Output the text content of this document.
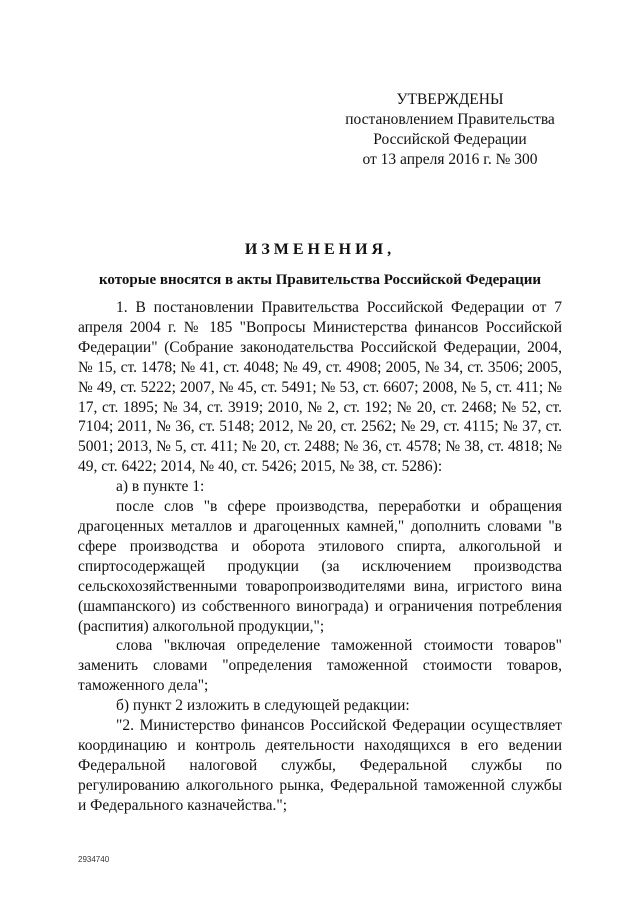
УТВЕРЖДЕНЫ
постановлением Правительства
Российской Федерации
от 13 апреля 2016 г. № 300
ИЗМЕНЕНИЯ,
которые вносятся в акты Правительства Российской Федерации

1. В постановлении Правительства Российской Федерации от 7 апреля 2004 г. № 185 "Вопросы Министерства финансов Российской Федерации" (Собрание законодательства Российской Федерации, 2004, № 15, ст. 1478; № 41, ст. 4048; № 49, ст. 4908; 2005, № 34, ст. 3506; 2005, № 49, ст. 5222; 2007, № 45, ст. 5491; № 53, ст. 6607; 2008, № 5, ст. 411; № 17, ст. 1895; № 34, ст. 3919; 2010, № 2, ст. 192; № 20, ст. 2468; № 52, ст. 7104; 2011, № 36, ст. 5148; 2012, № 20, ст. 2562; № 29, ст. 4115; № 37, ст. 5001; 2013, № 5, ст. 411; № 20, ст. 2488; № 36, ст. 4578; № 38, ст. 4818; № 49, ст. 6422; 2014, № 40, ст. 5426; 2015, № 38, ст. 5286):

а) в пункте 1:

после слов "в сфере производства, переработки и обращения драгоценных металлов и драгоценных камней," дополнить словами "в сфере производства и оборота этилового спирта, алкогольной и спиртосодержащей продукции (за исключением производства сельскохозяйственными товаропроизводителями вина, игристого вина (шампанского) из собственного винограда) и ограничения потребления (распития) алкогольной продукции,";

слова "включая определение таможенной стоимости товаров" заменить словами "определения таможенной стоимости товаров, таможенного дела";

б) пункт 2 изложить в следующей редакции:

"2. Министерство финансов Российской Федерации осуществляет координацию и контроль деятельности находящихся в его ведении Федеральной налоговой службы, Федеральной службы по регулированию алкогольного рынка, Федеральной таможенной службы и Федерального казначейства.";

2934740
